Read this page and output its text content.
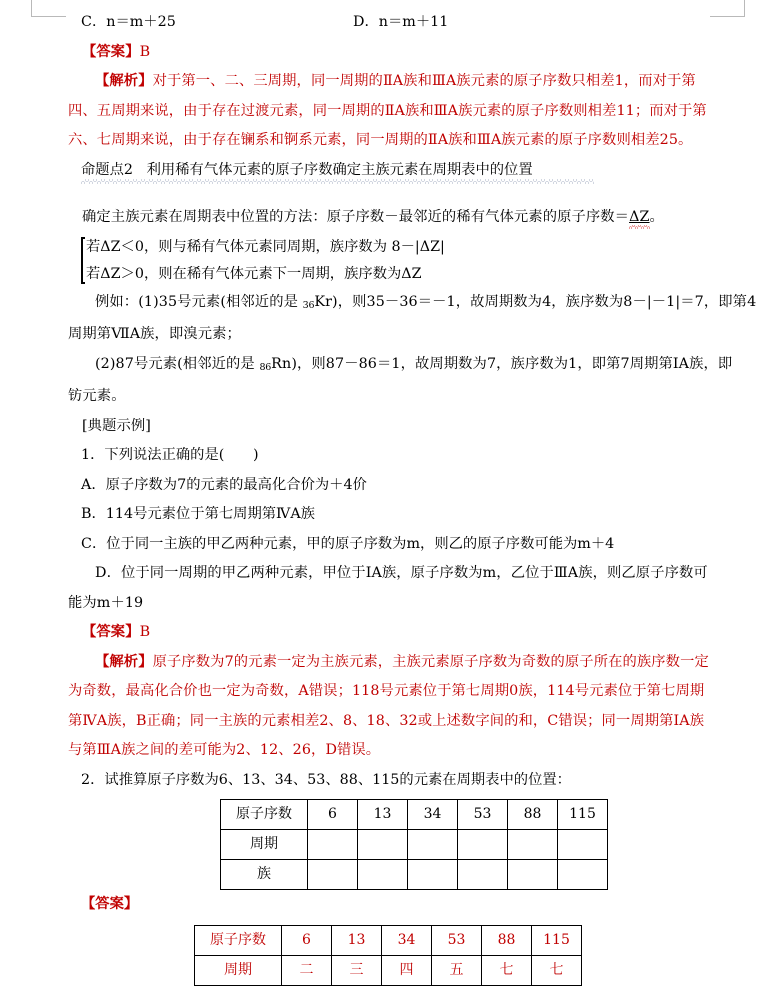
C．n＝m＋25	D．n＝m＋11
【答案】B
【解析】对于第一、二、三周期，同一周期的ⅡA族和ⅢA族元素的原子序数只相差1，而对于第四、五周期来说，由于存在过渡元素，同一周期的ⅡA族和ⅢA族元素的原子序数则相差11；而对于第六、七周期来说，由于存在镧系和锕系元素，同一周期的ⅡA族和ⅢA族元素的原子序数则相差25。
命题点2 利用稀有气体元素的原子序数确定主族元素在周期表中的位置
确定主族元素在周期表中位置的方法：原子序数－最邻近的稀有气体元素的原子序数＝ΔZ
。
若ΔZ＜0，则与稀有气体元素同周期，族序数为 8－|ΔZ|
若ΔZ＞0，则在稀有气体元素下一周期，族序数为ΔZ
例如：(1)35号元素(相邻近的是 $_{36}$Kr)，则35－36＝－1，故周期数为4，族序数为8－|－1|＝7，即第4
周期第ⅦA族，即溴元素；
(2)87号元素(相邻近的是 $_{86}$Rn)，则87－86＝1，故周期数为7，族序数为1，即第7周期第ⅠA族，即
钫元素。
[典题示例]
1．下列说法正确的是(　　)
A．原子序数为7的元素的最高化合价为＋4价
B．114号元素位于第七周期第ⅣA族
C．位于同一主族的甲乙两种元素，甲的原子序数为m，则乙的原子序数可能为m＋4
D．位于同一周期的甲乙两种元素，甲位于ⅠA族，原子序数为m，乙位于ⅢA族，则乙原子序数可能为m＋19
【答案】B
【解析】原子序数为7的元素一定为主族元素，主族元素原子序数为奇数的原子所在的族序数一定为奇数，最高化合价也一定为奇数，A错误；118号元素位于第七周期0族，114号元素位于第七周期第ⅣA族，B正确；同一主族的元素相差2、8、18、32或上述数字间的和，C错误；同一周期第ⅠA族与第ⅢA族之间的差可能为2、12、26，D错误。
2．试推算原子序数为6、13、34、53、88、115的元素在周期表中的位置：
原子序数	6	13	34	53	88	115
周期						
族						
【答案】
原子序数	6	13	34	53	88	115
周期	二	三	四	五	七	七
